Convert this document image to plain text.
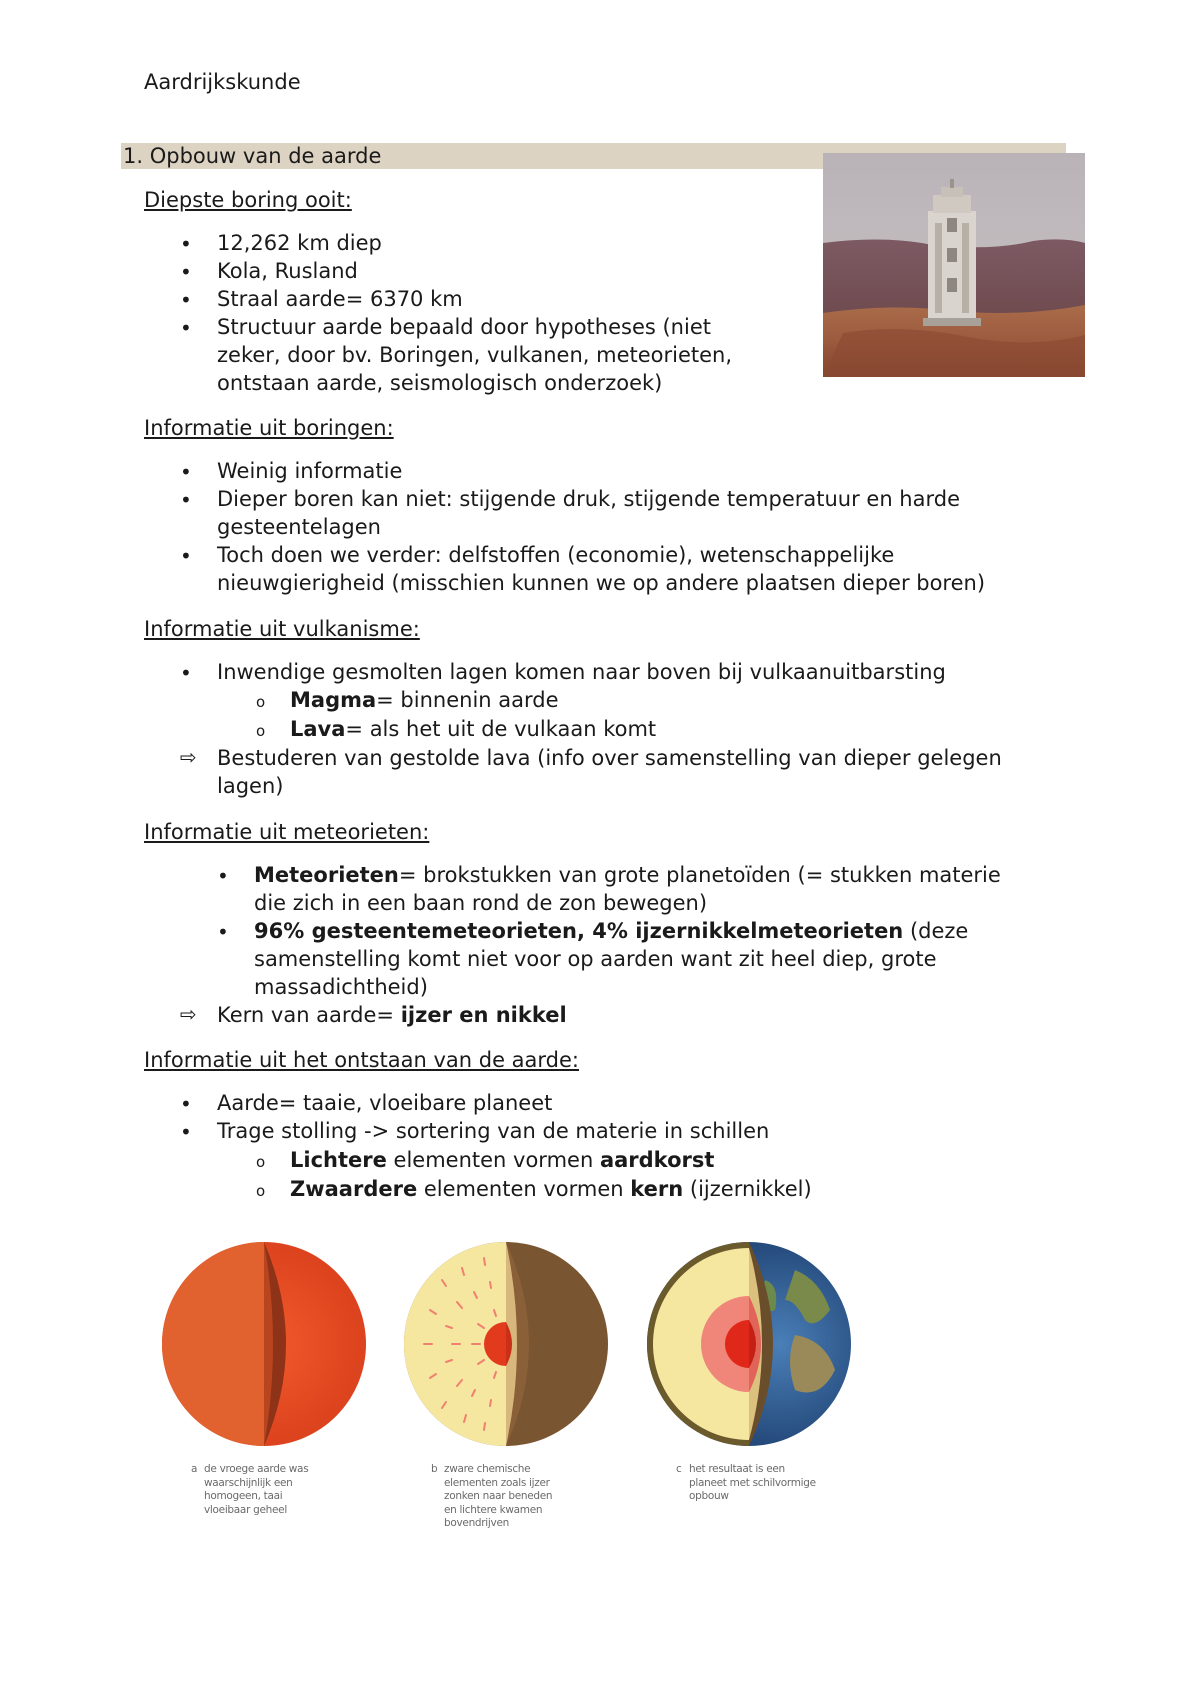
Aardrijkskunde
1. Opbouw van de aarde
Diepste boring ooit:
• 12,262 km diep
• Kola, Rusland
• Straal aarde= 6370 km
• Structuur aarde bepaald door hypotheses (niet
zeker, door bv. Boringen, vulkanen, meteorieten,
ontstaan aarde, seismologisch onderzoek)
Informatie uit boringen:
• Weinig informatie
• Dieper boren kan niet: stijgende druk, stijgende temperatuur en harde
gesteentelagen
• Toch doen we verder: delfstoffen (economie), wetenschappelijke
nieuwgierigheid (misschien kunnen we op andere plaatsen dieper boren)
Informatie uit vulkanisme:
• Inwendige gesmolten lagen komen naar boven bij vulkaanuitbarsting
o Magma= binnenin aarde
o Lava= als het uit de vulkaan komt
⇨ Bestuderen van gestolde lava (info over samenstelling van dieper gelegen
lagen)
Informatie uit meteorieten:
• Meteorieten= brokstukken van grote planetoïden (= stukken materie
die zich in een baan rond de zon bewegen)
• 96% gesteentemeteorieten, 4% ijzernikkelmeteorieten (deze
samenstelling komt niet voor op aarden want zit heel diep, grote
massadichtheid)
⇨ Kern van aarde= ijzer en nikkel
Informatie uit het ontstaan van de aarde:
• Aarde= taaie, vloeibare planeet
• Trage stolling -> sortering van de materie in schillen
o Lichtere elementen vormen aardkorst
o Zwaardere elementen vormen kern (ijzernikkel)
a de vroege aarde was
waarschijnlijk een
homogeen, taai
vloeibaar geheel
b zware chemische
elementen zoals ijzer
zonken naar beneden
en lichtere kwamen
bovendrijven
c het resultaat is een
planeet met schilvormige
opbouw
